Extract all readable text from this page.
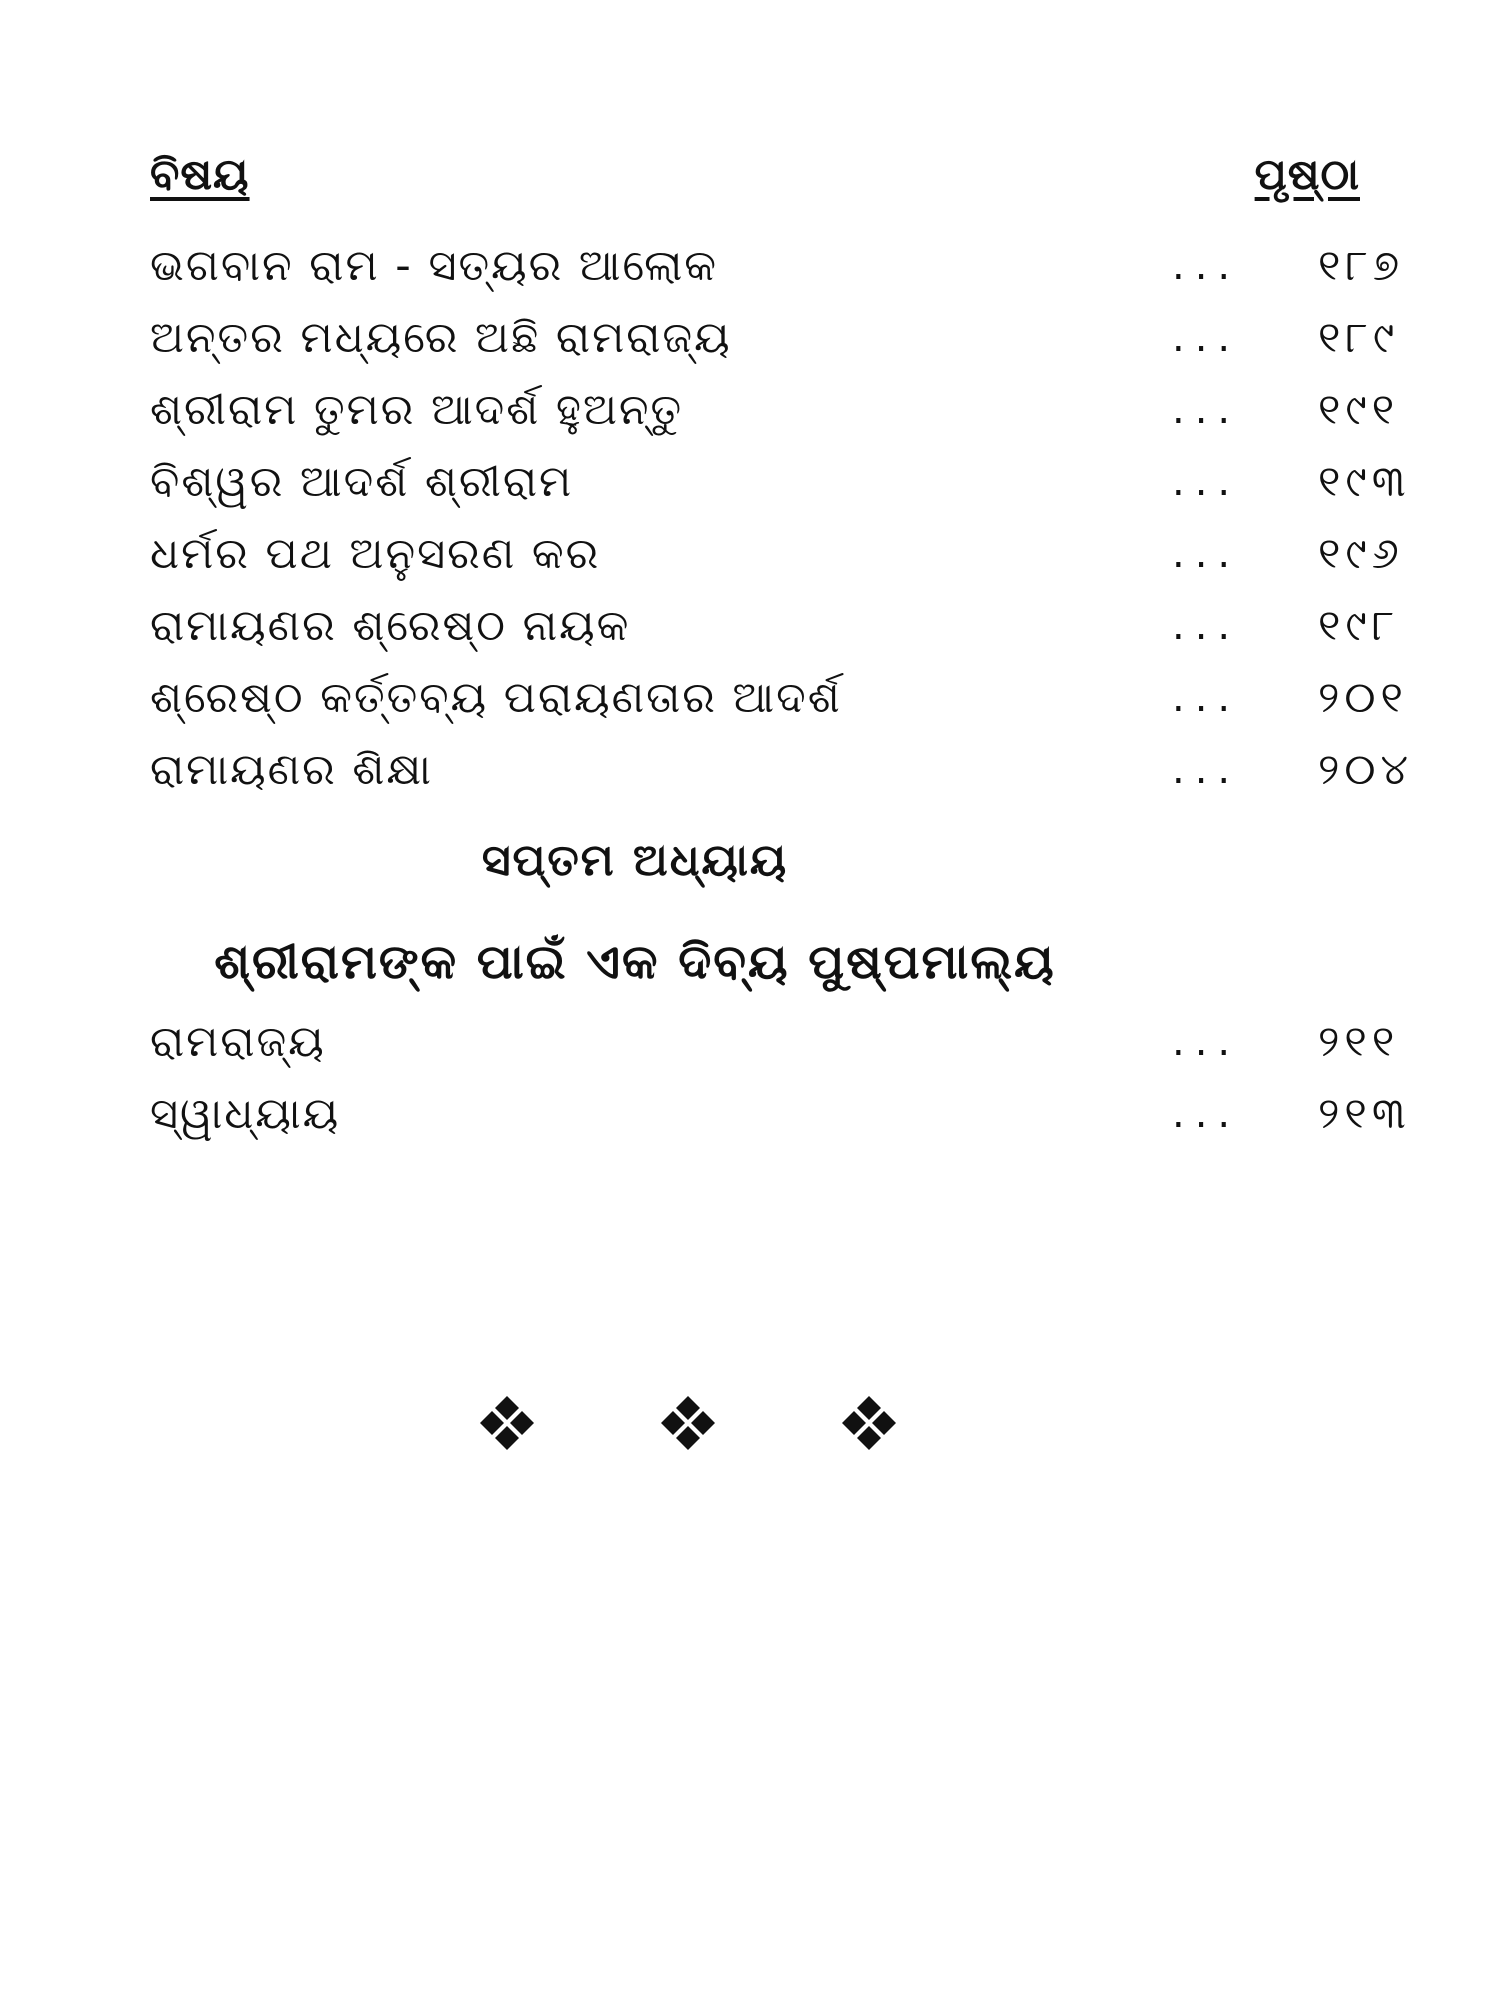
ବିଷୟ	ପୃଷ୍ଠା
ଭଗବାନ ରାମ - ସତ୍ୟର ଆଲୋକ	... ୧୮୭
ଅନ୍ତର ମଧ୍ୟରେ ଅଛି ରାମରାଜ୍ୟ	... ୧୮୯
ଶ୍ରୀରାମ ତୁମର ଆଦର୍ଶ ହୁଅନ୍ତୁ	... ୧୯୧
ବିଶ୍ୱର ଆଦର୍ଶ ଶ୍ରୀରାମ	... ୧୯୩
ଧର୍ମର ପଥ ଅନୁସରଣ କର	... ୧୯୬
ରାମାୟଣର ଶ୍ରେଷ୍ଠ ନାୟକ	... ୧୯୮
ଶ୍ରେଷ୍ଠ କର୍ତ୍ତବ୍ୟ ପରାୟଣତାର ଆଦର୍ଶ	... ୨୦୧
ରାମାୟଣର ଶିକ୍ଷା	... ୨୦୪
ସପ୍ତମ ଅଧ୍ୟାୟ
ଶ୍ରୀରାମଙ୍କ ପାଇଁ ଏକ ଦିବ୍ୟ ପୁଷ୍ପମାଲ୍ୟ
ରାମରାଜ୍ୟ	... ୨୧୧
ସ୍ୱାଧ୍ୟାୟ	... ୨୧୩
